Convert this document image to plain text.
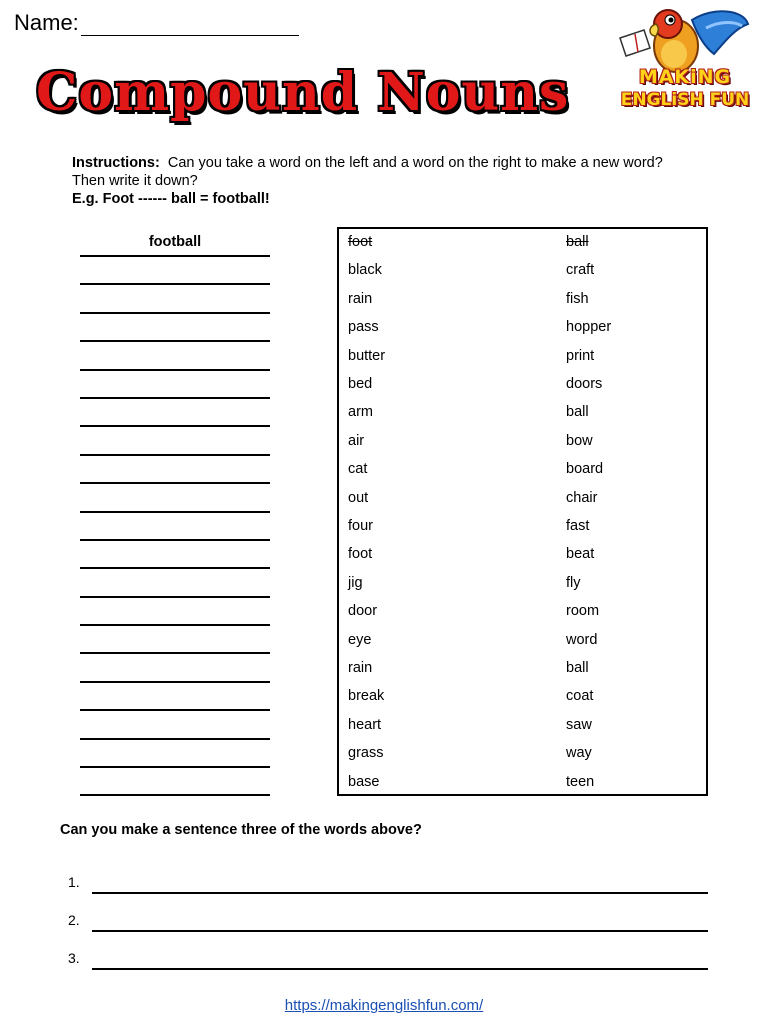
Name:
Compound Nouns	MAKiNG
ENGLiSH FUN
Instructions: Can you take a word on the left and a word on the right to make a new word? Then write it down?
E.g. Foot ------ ball = football!
football	foot	ball
black	craft
rain	fish
pass	hopper
butter	print
bed	doors
arm	ball
air	bow
cat	board
out	chair
four	fast
foot	beat
jig	fly
door	room
eye	word
rain	ball
break	coat
heart	saw
grass	way
base	teen
Can you make a sentence three of the words above?
1.
2.
3.
https://makingenglishfun.com/
